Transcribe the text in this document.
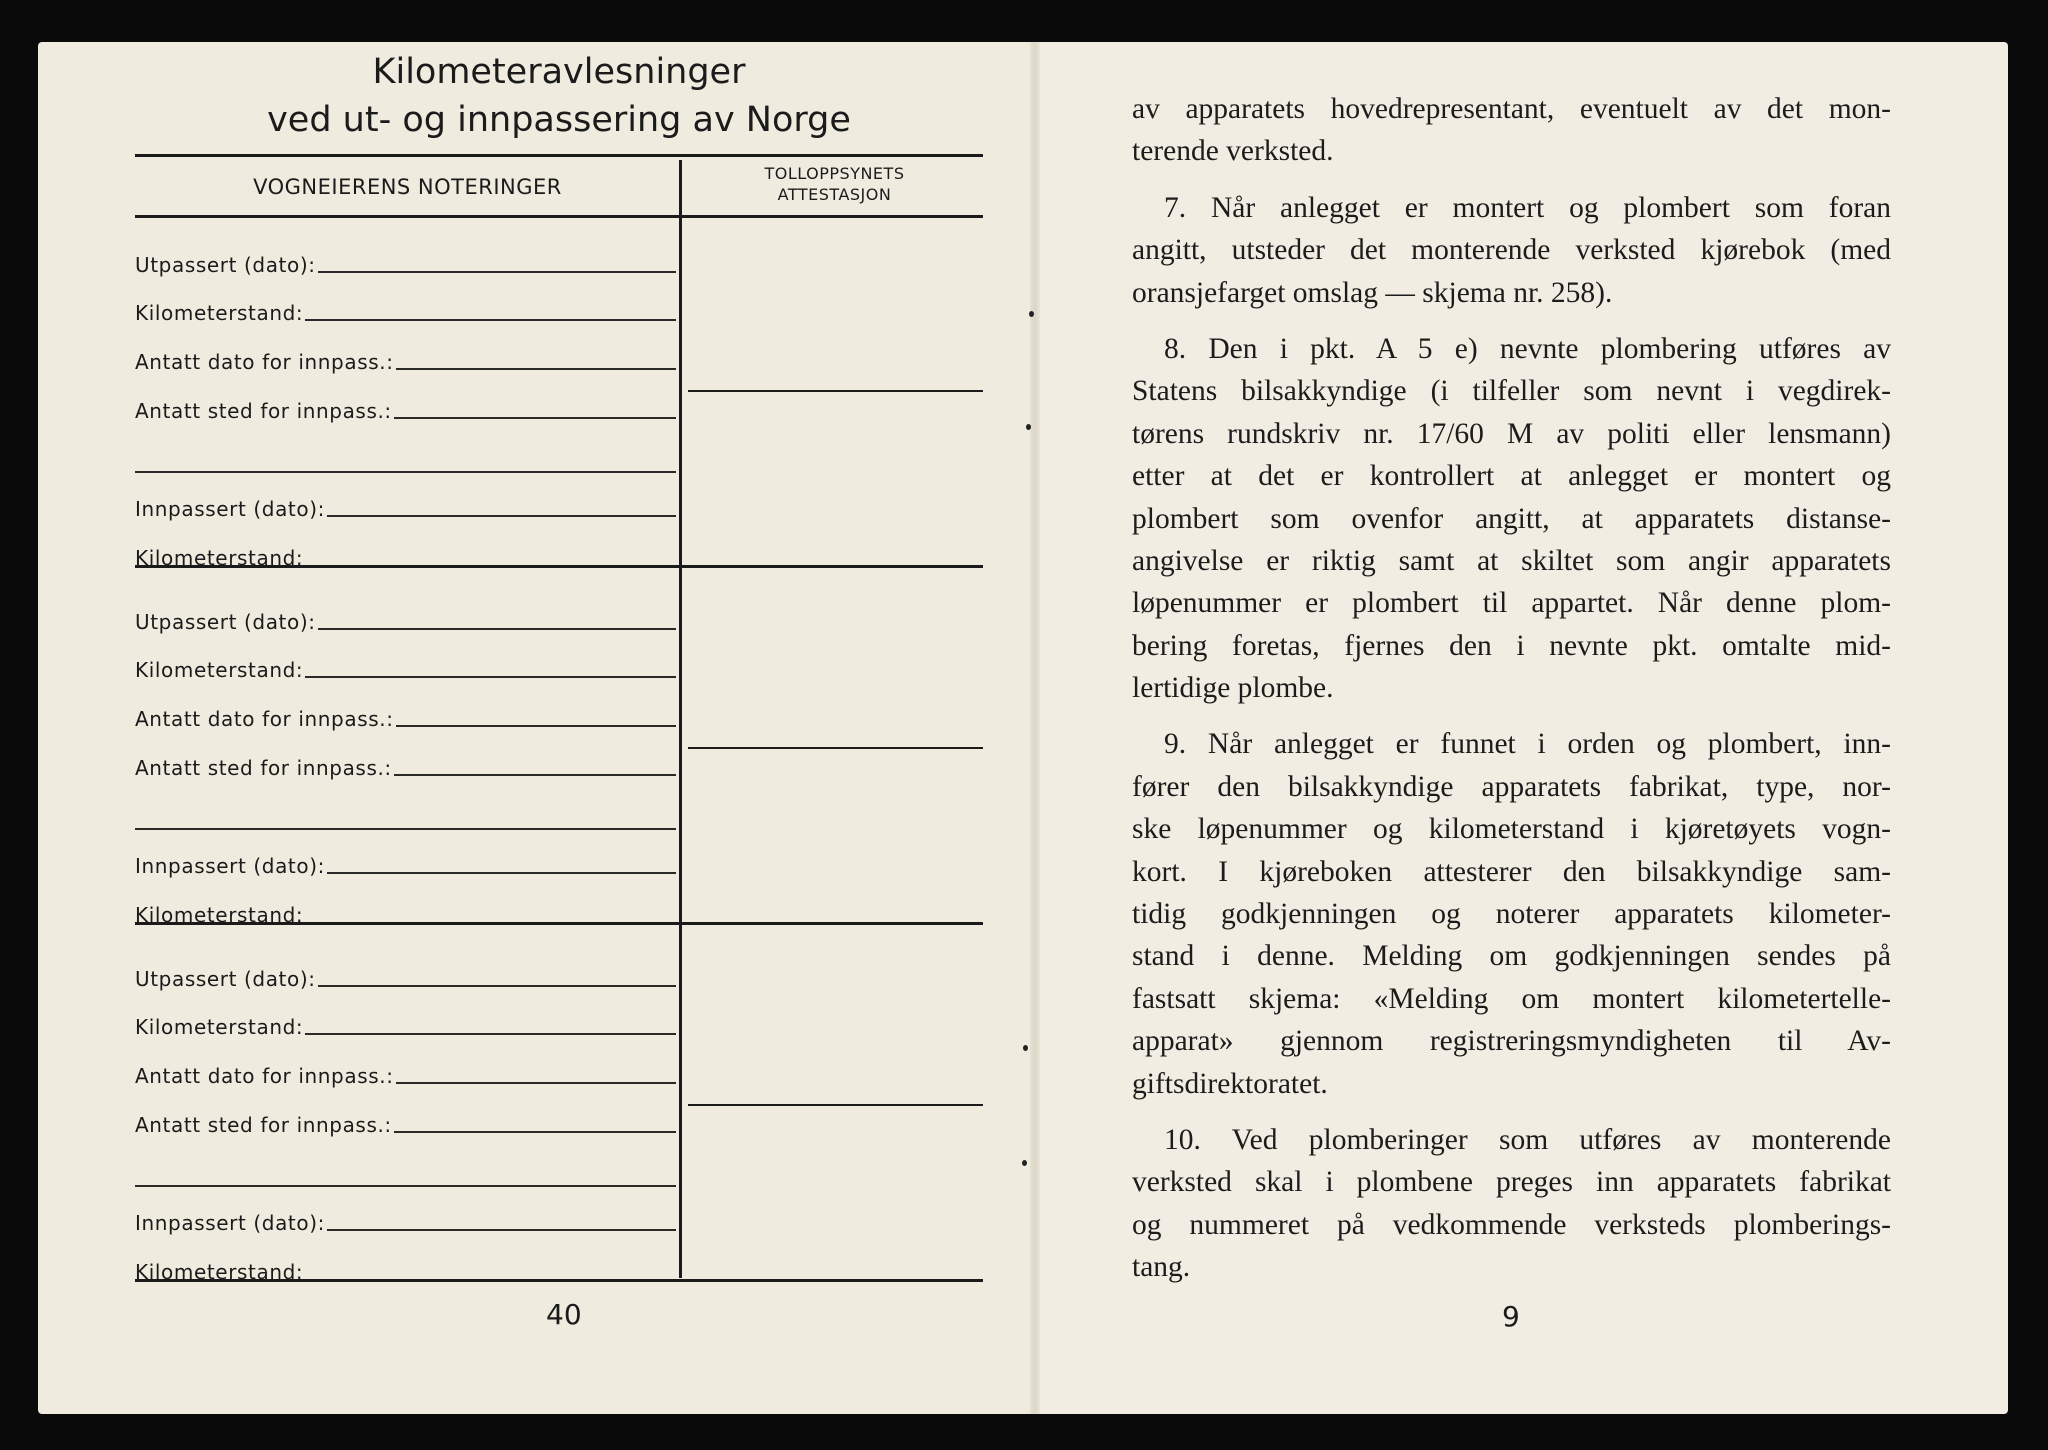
Kilometeravlesninger
ved ut- og innpassering av Norge
VOGNEIERENS NOTERINGER
TOLLOPPSYNETS
ATTESTASJON
Utpassert (dato):
Kilometerstand:
Antatt dato for innpass.:
Antatt sted for innpass.:
Innpassert (dato):
Kilometerstand:
Utpassert (dato):
Kilometerstand:
Antatt dato for innpass.:
Antatt sted for innpass.:
Innpassert (dato):
Kilometerstand:
Utpassert (dato):
Kilometerstand:
Antatt dato for innpass.:
Antatt sted for innpass.:
Innpassert (dato):
Kilometerstand:
40	9
av apparatets hovedrepresentant, eventuelt av det mon-
terende verksted.
7. Når anlegget er montert og plombert som foran
angitt, utsteder det monterende verksted kjørebok (med
oransjefarget omslag — skjema nr. 258).
8. Den i pkt. A 5 e) nevnte plombering utføres av
Statens bilsakkyndige (i tilfeller som nevnt i vegdirek-
tørens rundskriv nr. 17/60 M av politi eller lensmann)
etter at det er kontrollert at anlegget er montert og
plombert som ovenfor angitt, at apparatets distanse-
angivelse er riktig samt at skiltet som angir apparatets
løpenummer er plombert til appartet. Når denne plom-
bering foretas, fjernes den i nevnte pkt. omtalte mid-
lertidige plombe.
9. Når anlegget er funnet i orden og plombert, inn-
fører den bilsakkyndige apparatets fabrikat, type, nor-
ske løpenummer og kilometerstand i kjøretøyets vogn-
kort. I kjøreboken attesterer den bilsakkyndige sam-
tidig godkjenningen og noterer apparatets kilometer-
stand i denne. Melding om godkjenningen sendes på
fastsatt skjema: «Melding om montert kilometertelle-
apparat» gjennom registreringsmyndigheten til Av-
giftsdirektoratet.
10. Ved plomberinger som utføres av monterende
verksted skal i plombene preges inn apparatets fabrikat
og nummeret på vedkommende verksteds plomberings-
tang.
